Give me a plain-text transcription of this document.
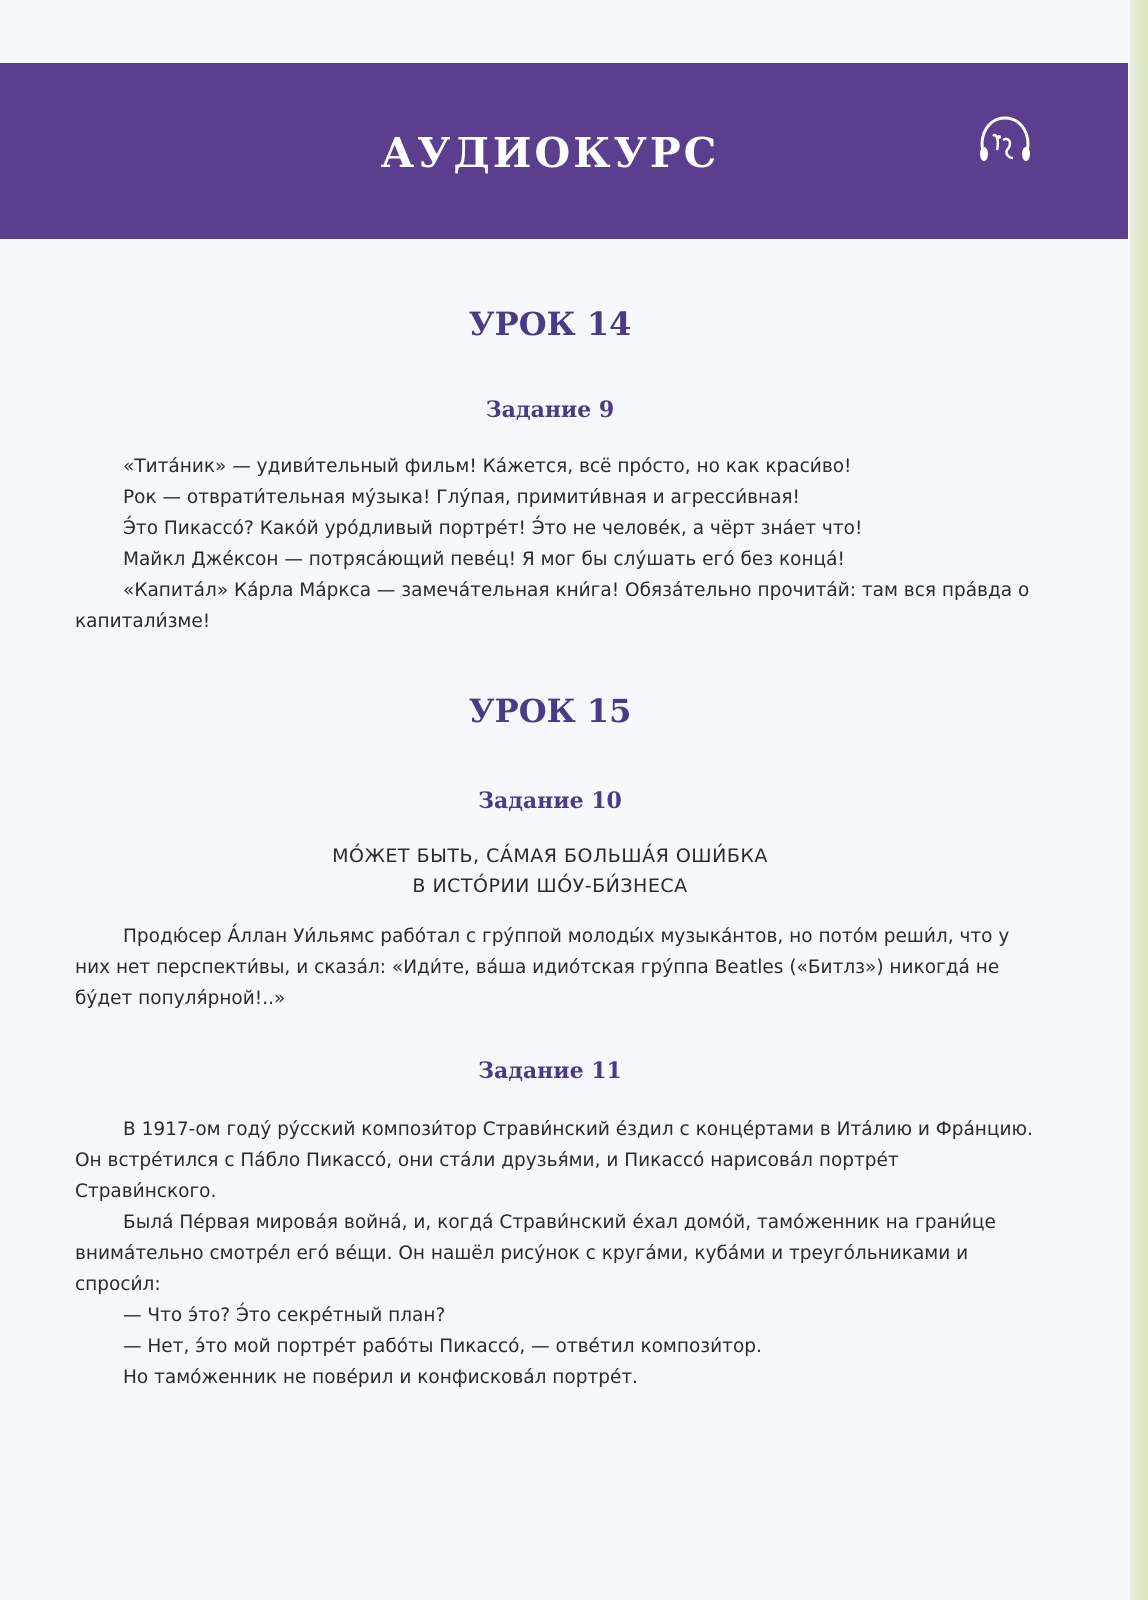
АУДИОКУРС
УРОК 14
Задание 9

«Тита́ник» — удиви́тельный фильм! Ка́жется, всё про́сто, но как краси́во!

Рок — отврати́тельная му́зыка! Глу́пая, примити́вная и агресси́вная!

Э́то Пикассо́? Како́й уро́дливый портре́т! Э́то не челове́к, а чёрт зна́ет что!

Майкл Дже́ксон — потряса́ющий певе́ц! Я мог бы слу́шать его́ без конца́!

«Капита́л» Ка́рла Ма́ркса — замеча́тельная кни́га! Обяза́тельно прочита́й: там вся пра́вда о капитали́зме!

УРОК 15
Задание 10
МО́ЖЕТ БЫТЬ, СА́МАЯ БОЛЬША́Я ОШИ́БКА
В ИСТО́РИИ ШО́У-БИ́ЗНЕСА

Продю́сер А́ллан Уи́льямс рабо́тал с гру́ппой молоды́х музыка́нтов, но пото́м реши́л, что у них нет перспекти́вы, и сказа́л: «Иди́те, ва́ша идио́тская гру́ппа Beatles («Битлз») никогда́ не бу́дет популя́рной!..»

Задание 11

В 1917-ом году́ ру́сский компози́тор Страви́нский е́здил с конце́ртами в Ита́лию и Фра́нцию. Он встре́тился с Па́бло Пикассо́, они ста́ли друзья́ми, и Пикассо́ нарисова́л портре́т Страви́нского.

Была́ Пе́рвая мирова́я война́, и, когда́ Страви́нский е́хал домо́й, тамо́женник на грани́це внима́тельно смотре́л его́ ве́щи. Он нашёл рису́нок с круга́ми, куба́ми и треуго́льниками и спроси́л:

— Что э́то? Э́то секре́тный план?

— Нет, э́то мой портре́т рабо́ты Пикассо́, — отве́тил компози́тор.

Но тамо́женник не пове́рил и конфискова́л портре́т.
